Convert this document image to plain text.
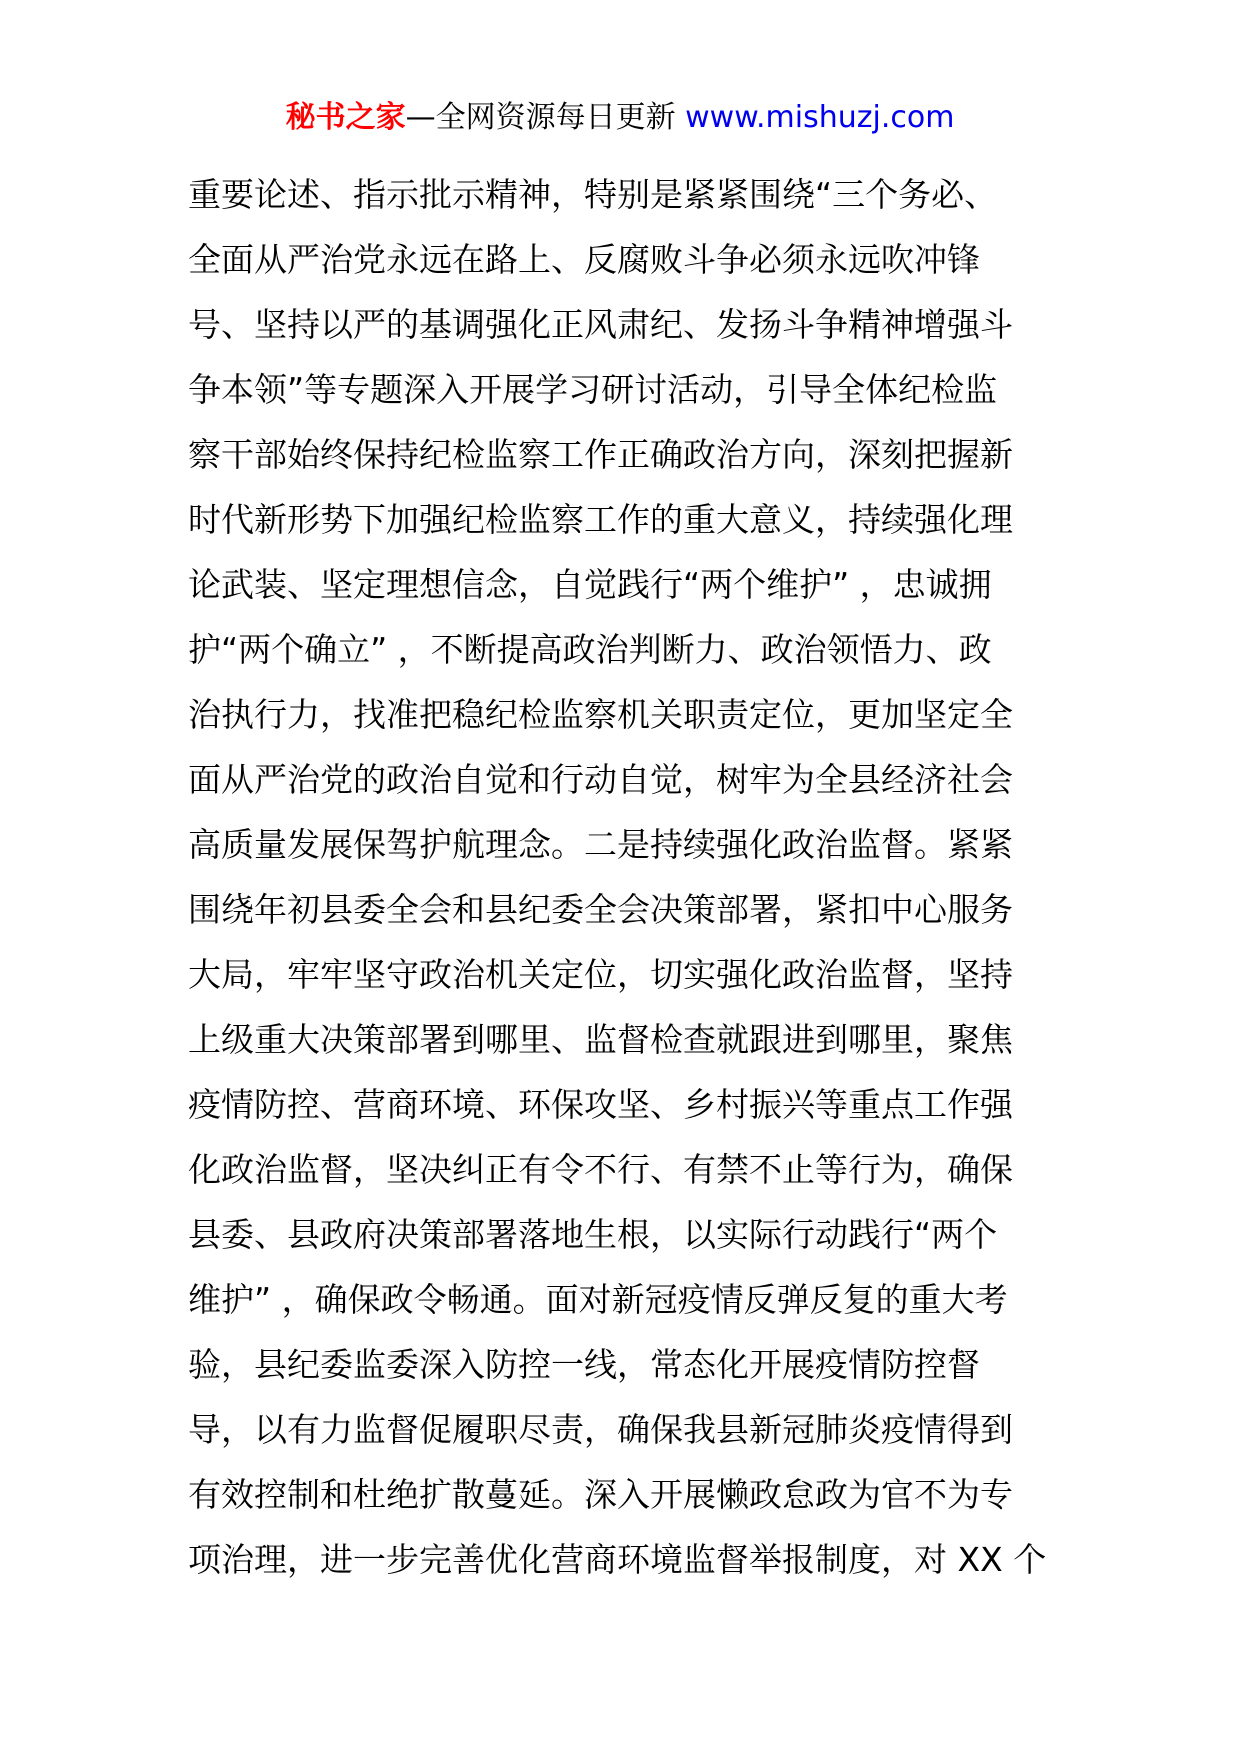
秘书之家—全网资源每日更新 www.mishuzj.com
重要论述、指示批示精神，特别是紧紧围绕“三个务必、
全面从严治党永远在路上、反腐败斗争必须永远吹冲锋
号、坚持以严的基调强化正风肃纪、发扬斗争精神增强斗
争本领”等专题深入开展学习研讨活动，引导全体纪检监
察干部始终保持纪检监察工作正确政治方向，深刻把握新
时代新形势下加强纪检监察工作的重大意义，持续强化理
论武装、坚定理想信念，自觉践行“两个维护” ，忠诚拥
护“两个确立” ，不断提高政治判断力、政治领悟力、政
治执行力，找准把稳纪检监察机关职责定位，更加坚定全
面从严治党的政治自觉和行动自觉，树牢为全县经济社会
高质量发展保驾护航理念。二是持续强化政治监督。紧紧
围绕年初县委全会和县纪委全会决策部署，紧扣中心服务
大局，牢牢坚守政治机关定位，切实强化政治监督，坚持
上级重大决策部署到哪里、监督检查就跟进到哪里，聚焦
疫情防控、营商环境、环保攻坚、乡村振兴等重点工作强
化政治监督，坚决纠正有令不行、有禁不止等行为，确保
县委、县政府决策部署落地生根，以实际行动践行“两个
维护” ，确保政令畅通。面对新冠疫情反弹反复的重大考
验，县纪委监委深入防控一线，常态化开展疫情防控督
导，以有力监督促履职尽责，确保我县新冠肺炎疫情得到
有效控制和杜绝扩散蔓延。深入开展懒政怠政为官不为专
项治理，进一步完善优化营商环境监督举报制度，对 XX 个
